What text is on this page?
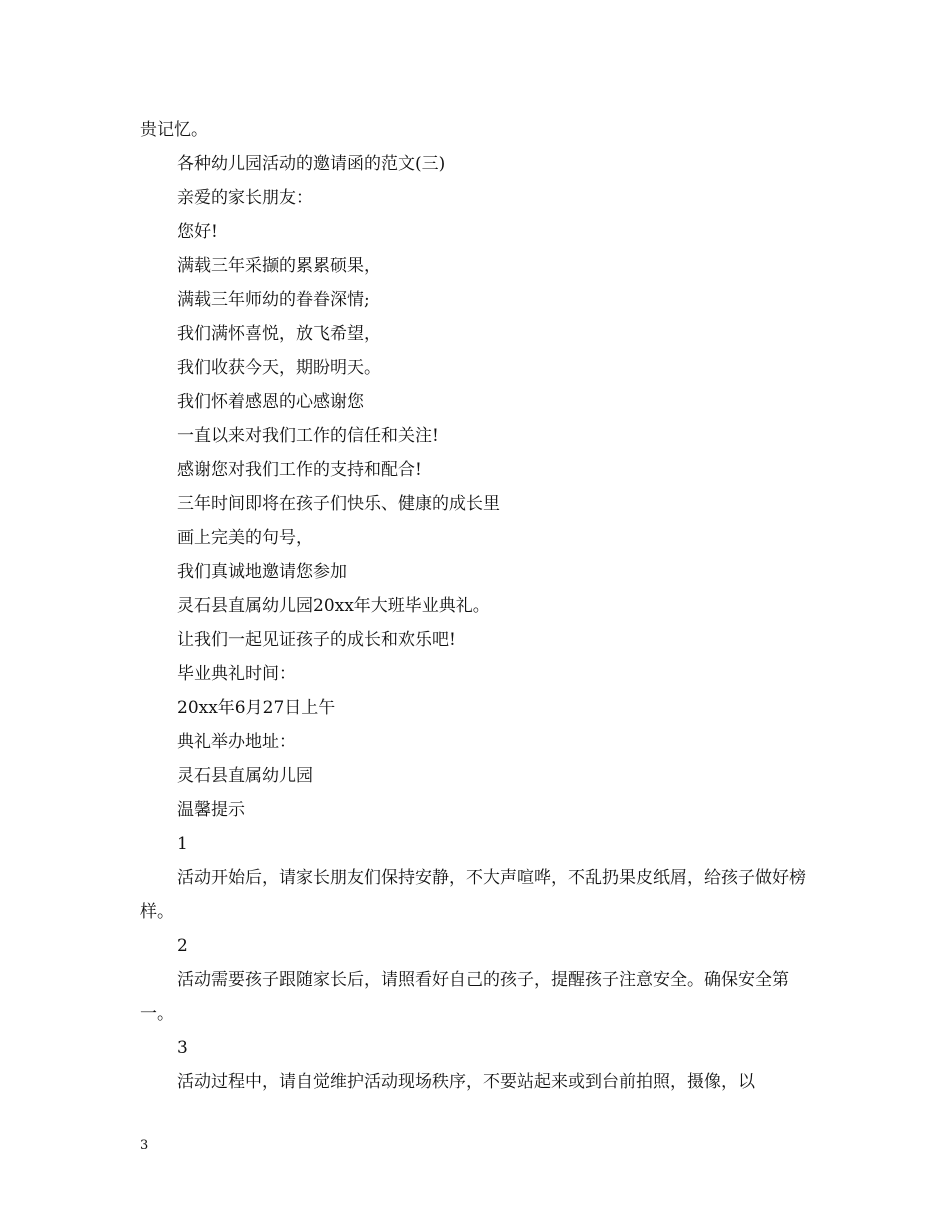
贵记忆。
各种幼儿园活动的邀请函的范文(三)
亲爱的家长朋友：
您好!
满载三年采撷的累累硕果，
满载三年师幼的眷眷深情;
我们满怀喜悦，放飞希望，
我们收获今天，期盼明天。
我们怀着感恩的心感谢您
一直以来对我们工作的信任和关注!
感谢您对我们工作的支持和配合!
三年时间即将在孩子们快乐、健康的成长里
画上完美的句号，
我们真诚地邀请您参加
灵石县直属幼儿园20xx年大班毕业典礼。
让我们一起见证孩子的成长和欢乐吧!
毕业典礼时间：
20xx年6月27日上午
典礼举办地址：
灵石县直属幼儿园
温馨提示
1
活动开始后，请家长朋友们保持安静，不大声喧哗，不乱扔果皮纸屑，给孩子做好榜样。
2
活动需要孩子跟随家长后，请照看好自己的孩子，提醒孩子注意安全。确保安全第一。
3
活动过程中，请自觉维护活动现场秩序，不要站起来或到台前拍照，摄像，以
3
